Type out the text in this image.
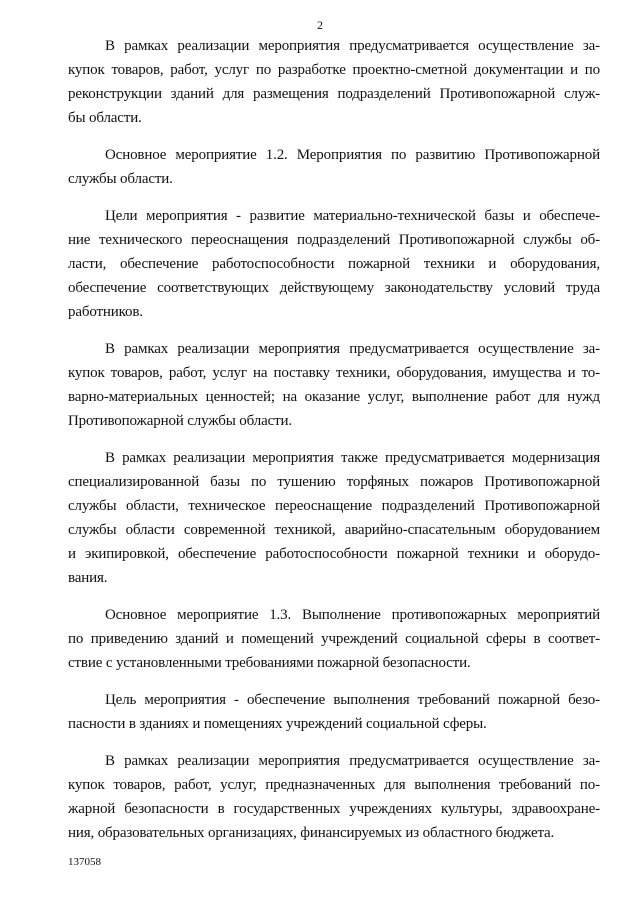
2
В рамках реализации мероприятия предусматривается осуществление за-
купок товаров, работ, услуг по разработке проектно-сметной документации и по
реконструкции зданий для размещения подразделений Противопожарной служ-
бы области.
Основное мероприятие 1.2. Мероприятия по развитию Противопожарной
службы области.
Цели мероприятия - развитие материально-технической базы и обеспече-
ние технического переоснащения подразделений Противопожарной службы об-
ласти, обеспечение работоспособности пожарной техники и оборудования,
обеспечение соответствующих действующему законодательству условий труда
работников.
В рамках реализации мероприятия предусматривается осуществление за-
купок товаров, работ, услуг на поставку техники, оборудования, имущества и то-
варно-материальных ценностей; на оказание услуг, выполнение работ для нужд
Противопожарной службы области.
В рамках реализации мероприятия также предусматривается модернизация
специализированной базы по тушению торфяных пожаров Противопожарной
службы области, техническое переоснащение подразделений Противопожарной
службы области современной техникой, аварийно-спасательным оборудованием
и экипировкой, обеспечение работоспособности пожарной техники и оборудо-
вания.
Основное мероприятие 1.3. Выполнение противопожарных мероприятий
по приведению зданий и помещений учреждений социальной сферы в соответ-
ствие с установленными требованиями пожарной безопасности.
Цель мероприятия - обеспечение выполнения требований пожарной безо-
пасности в зданиях и помещениях учреждений социальной сферы.
В рамках реализации мероприятия предусматривается осуществление за-
купок товаров, работ, услуг, предназначенных для выполнения требований по-
жарной безопасности в государственных учреждениях культуры, здравоохране-
ния, образовательных организациях, финансируемых из областного бюджета.
137058
